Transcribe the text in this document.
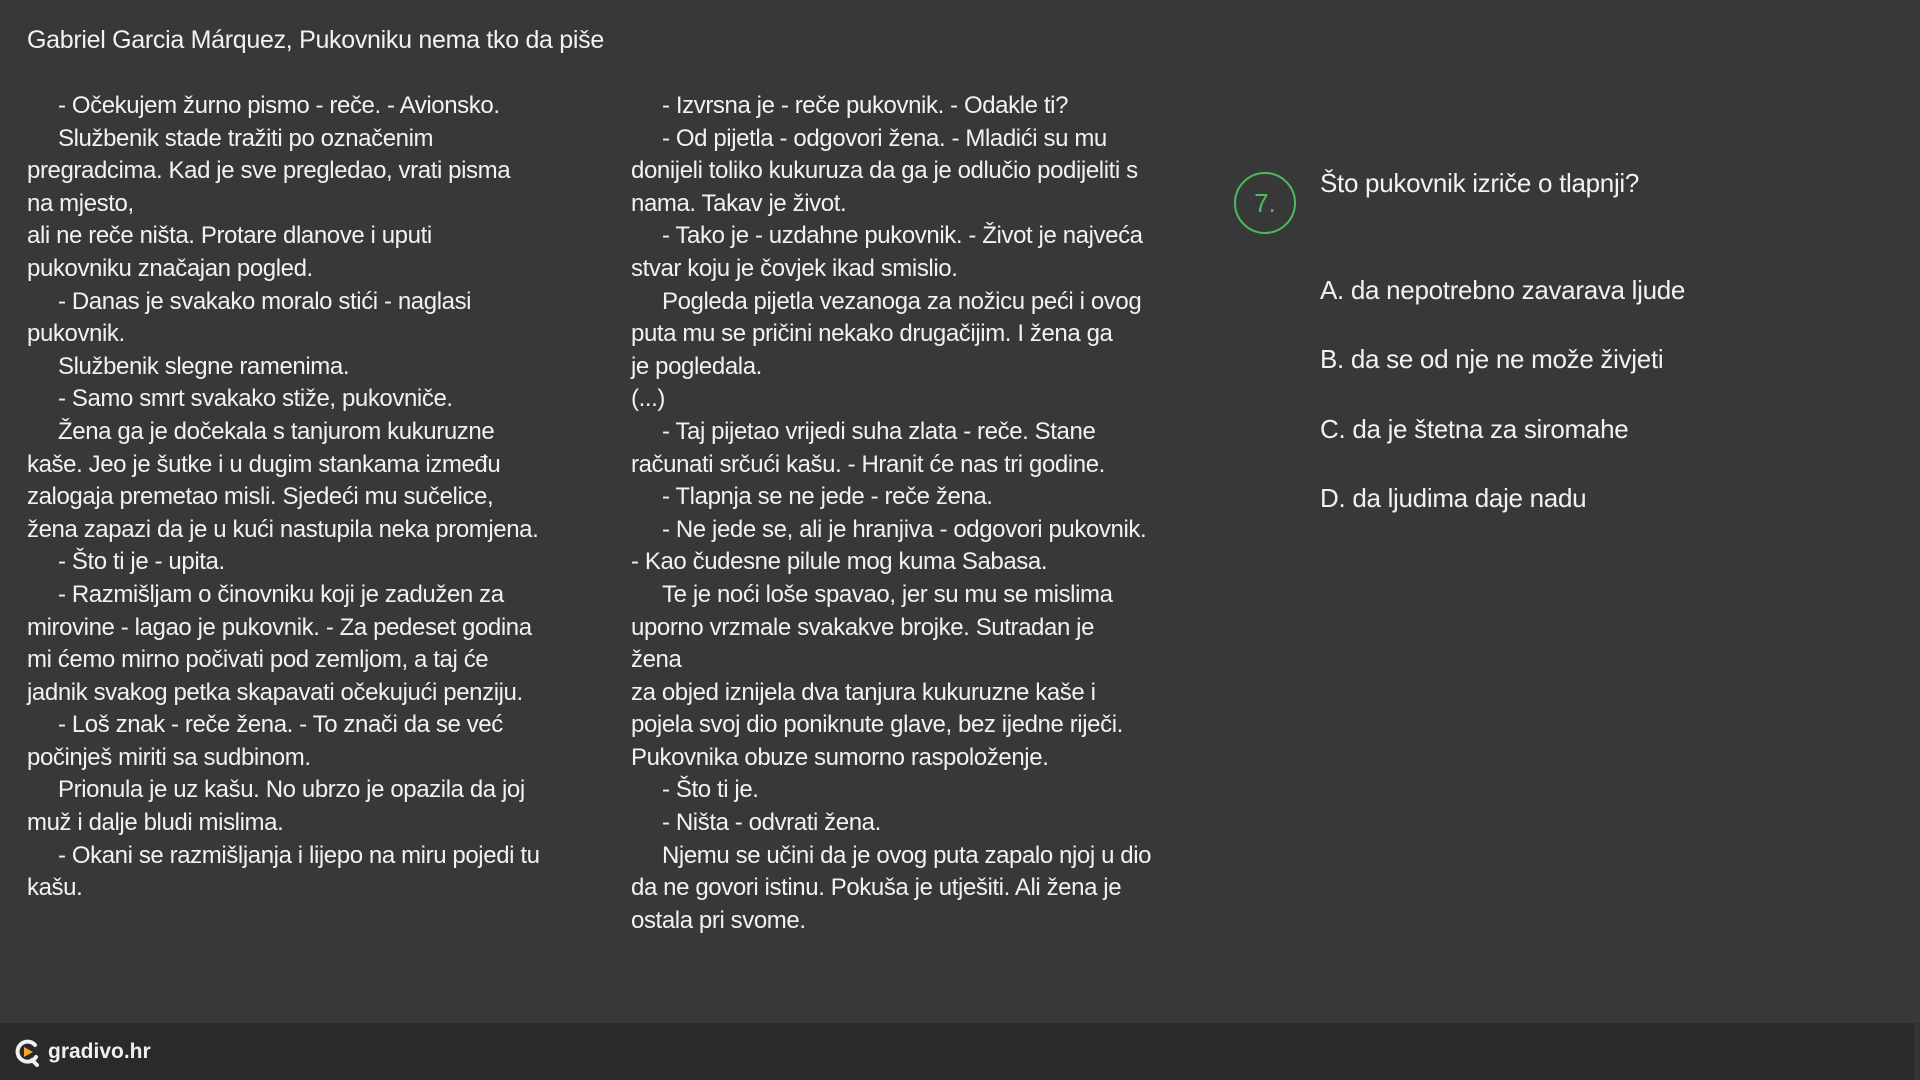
Gabriel Garcia Márquez, Pukovniku nema tko da piše
- Očekujem žurno pismo - reče. - Avionsko.
Službenik stade tražiti po označenim
pregradcima. Kad je sve pregledao, vrati pisma
na mjesto,
ali ne reče ništa. Protare dlanove i uputi
pukovniku značajan pogled.
- Danas je svakako moralo stići - naglasi
pukovnik.
Službenik slegne ramenima.
- Samo smrt svakako stiže, pukovniče.
Žena ga je dočekala s tanjurom kukuruzne
kaše. Jeo je šutke i u dugim stankama između
zalogaja premetao misli. Sjedeći mu sučelice,
žena zapazi da je u kući nastupila neka promjena.
- Što ti je - upita.
- Razmišljam o činovniku koji je zadužen za
mirovine - lagao je pukovnik. - Za pedeset godina
mi ćemo mirno počivati pod zemljom, a taj će
jadnik svakog petka skapavati očekujući penziju.
- Loš znak - reče žena. - To znači da se već
počinješ miriti sa sudbinom.
Prionula je uz kašu. No ubrzo je opazila da joj
muž i dalje bludi mislima.
- Okani se razmišljanja i lijepo na miru pojedi tu
kašu.
- Izvrsna je - reče pukovnik. - Odakle ti?
- Od pijetla - odgovori žena. - Mladići su mu
donijeli toliko kukuruza da ga je odlučio podijeliti s
nama. Takav je život.
- Tako je - uzdahne pukovnik. - Život je najveća
stvar koju je čovjek ikad smislio.
Pogleda pijetla vezanoga za nožicu peći i ovog
puta mu se pričini nekako drugačijim. I žena ga
je pogledala.
(...)
- Taj pijetao vrijedi suha zlata - reče. Stane
računati srčući kašu. - Hranit će nas tri godine.
- Tlapnja se ne jede - reče žena.
- Ne jede se, ali je hranjiva - odgovori pukovnik.
- Kao čudesne pilule mog kuma Sabasa.
Te je noći loše spavao, jer su mu se mislima
uporno vrzmale svakakve brojke. Sutradan je
žena
za objed iznijela dva tanjura kukuruzne kaše i
pojela svoj dio poniknute glave, bez ijedne riječi.
Pukovnika obuze sumorno raspoloženje.
- Što ti je.
- Ništa - odvrati žena.
Njemu se učini da je ovog puta zapalo njoj u dio
da ne govori istinu. Pokuša je utješiti. Ali žena je
ostala pri svome.
7.
Što pukovnik izriče o tlapnji?
A. da nepotrebno zavarava ljude
B. da se od nje ne može živjeti
C. da je štetna za siromahe
D. da ljudima daje nadu
gradivo.hr
